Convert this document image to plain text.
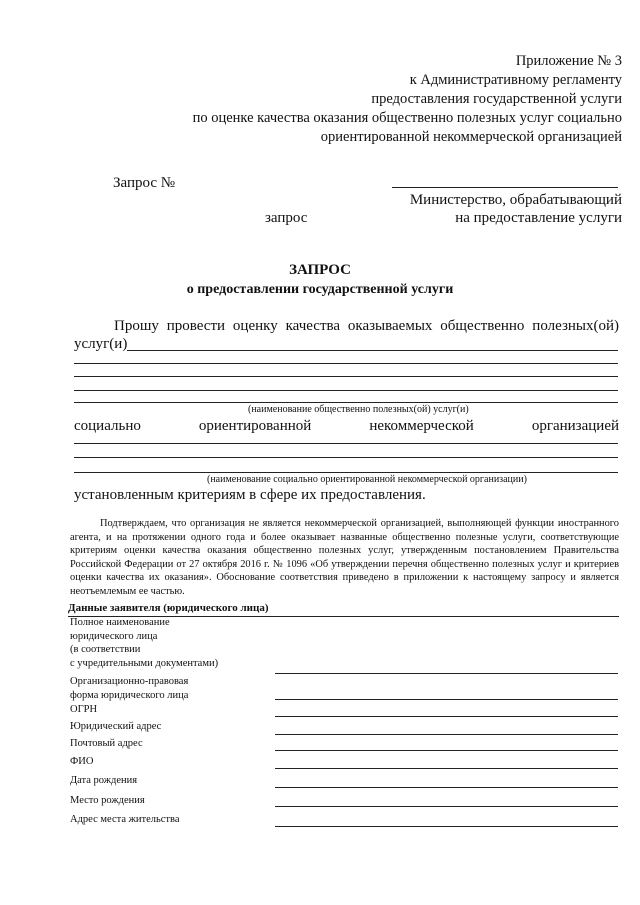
Приложение № 3
к Административному регламенту
предоставления государственной услуги
по оценке качества оказания общественно полезных услуг социально
ориентированной некоммерческой организацией
Запрос №
Министерство, обрабатывающий
запрос	на предоставление услуги
ЗАПРОС
о предоставлении государственной услуги
Прошу провести оценку качества оказываемых общественно полезных(ой)
услуг(и)
(наименование общественно полезных(ой) услуг(и)
социально	ориентированной	некоммерческой	организацией
(наименование социально ориентированной некоммерческой организации)
установленным критериям в сфере их предоставления.
Подтверждаем, что организация не является некоммерческой организацией, выполняющей функции иностранного агента, и на протяжении одного года и более оказывает названные общественно полезные услуги, соответствующие критериям оценки качества оказания общественно полезных услуг, утвержденным постановлением Правительства Российской Федерации от 27 октября 2016 г. № 1096 «Об утверждении перечня общественно полезных услуг и критериев оценки качества их оказания». Обоснование соответствия приведено в приложении к настоящему запросу и является неотъемлемым ее частью.
Данные заявителя (юридического лица)
Полное наименование
юридического лица
(в соответствии
с учредительными документами)
Организационно-правовая
форма юридического лица
ОГРН
Юридический адрес
Почтовый адрес
ФИО
Дата рождения
Место рождения
Адрес места жительства
